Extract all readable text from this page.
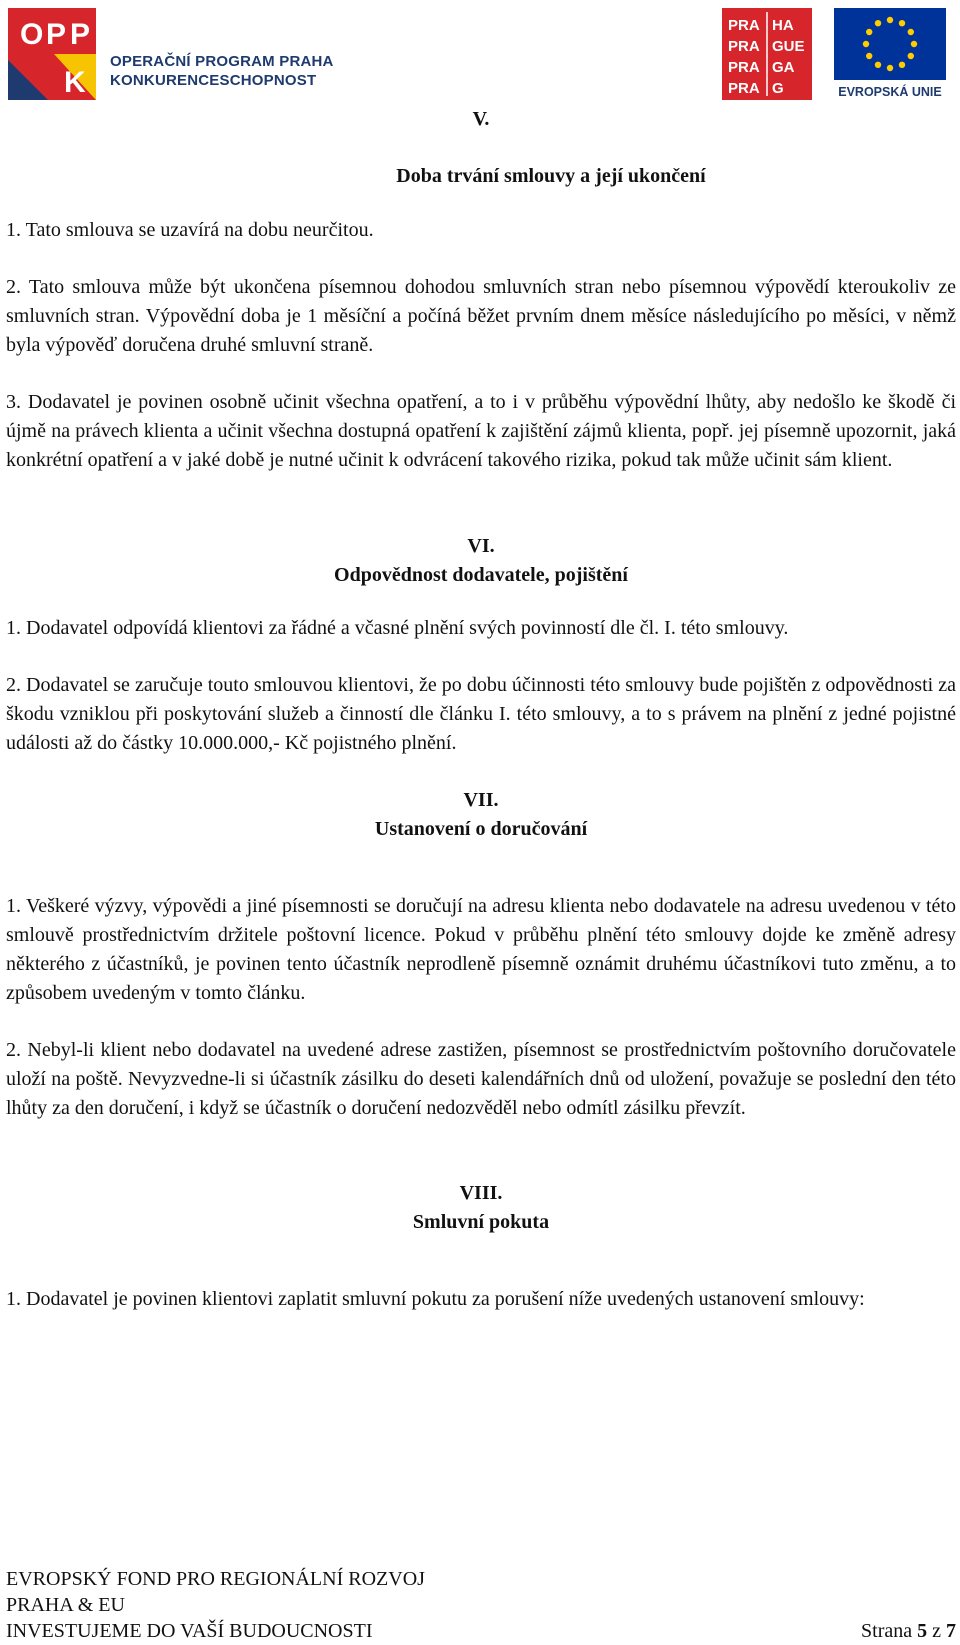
O P P
K
OPERAČNÍ PROGRAM PRAHA
KONKURENCESCHOPNOST
PRA HA
PRA GUE
PRA GA
PRA G	EVROPSKÁ UNIE
V.
Doba trvání smlouvy a její ukončení

1. Tato smlouva se uzavírá na dobu neurčitou.

2. Tato smlouva může být ukončena písemnou dohodou smluvních stran nebo písemnou výpovědí kteroukoliv ze smluvních stran. Výpovědní doba je 1 měsíční a počíná běžet prvním dnem měsíce následujícího po měsíci, v němž byla výpověď doručena druhé smluvní straně.

3. Dodavatel je povinen osobně učinit všechna opatření, a to i v průběhu výpovědní lhůty, aby nedošlo ke škodě či újmě na právech klienta a učinit všechna dostupná opatření k zajištění zájmů klienta, popř. jej písemně upozornit, jaká konkrétní opatření a v jaké době je nutné učinit k odvrácení takového rizika, pokud tak může učinit sám klient.

VI.
Odpovědnost dodavatele, pojištění

1. Dodavatel odpovídá klientovi za řádné a včasné plnění svých povinností dle čl. I. této smlouvy.

2. Dodavatel se zaručuje touto smlouvou klientovi, že po dobu účinnosti této smlouvy bude pojištěn z odpovědnosti za škodu vzniklou při poskytování služeb a činností dle článku I. této smlouvy, a to s právem na plnění z jedné pojistné události až do částky 10.000.000,- Kč pojistného plnění.

VII.
Ustanovení o doručování

1. Veškeré výzvy, výpovědi a jiné písemnosti se doručují na adresu klienta nebo dodavatele na adresu uvedenou v této smlouvě prostřednictvím držitele poštovní licence. Pokud v průběhu plnění této smlouvy dojde ke změně adresy některého z účastníků, je povinen tento účastník neprodleně písemně oznámit druhému účastníkovi tuto změnu, a to způsobem uvedeným v tomto článku.

2. Nebyl-li klient nebo dodavatel na uvedené adrese zastižen, písemnost se prostřednictvím poštovního doručovatele uloží na poště. Nevyzvedne-li si účastník zásilku do deseti kalendářních dnů od uložení, považuje se poslední den této lhůty za den doručení, i když se účastník o doručení nedozvěděl nebo odmítl zásilku převzít.

VIII.
Smluvní pokuta

1. Dodavatel je povinen klientovi zaplatit smluvní pokutu za porušení níže uvedených ustanovení smlouvy:

EVROPSKÝ FOND PRO REGIONÁLNÍ ROZVOJ
PRAHA & EU
INVESTUJEME DO VAŠÍ BUDOUCNOSTI	Strana 5 z 7
